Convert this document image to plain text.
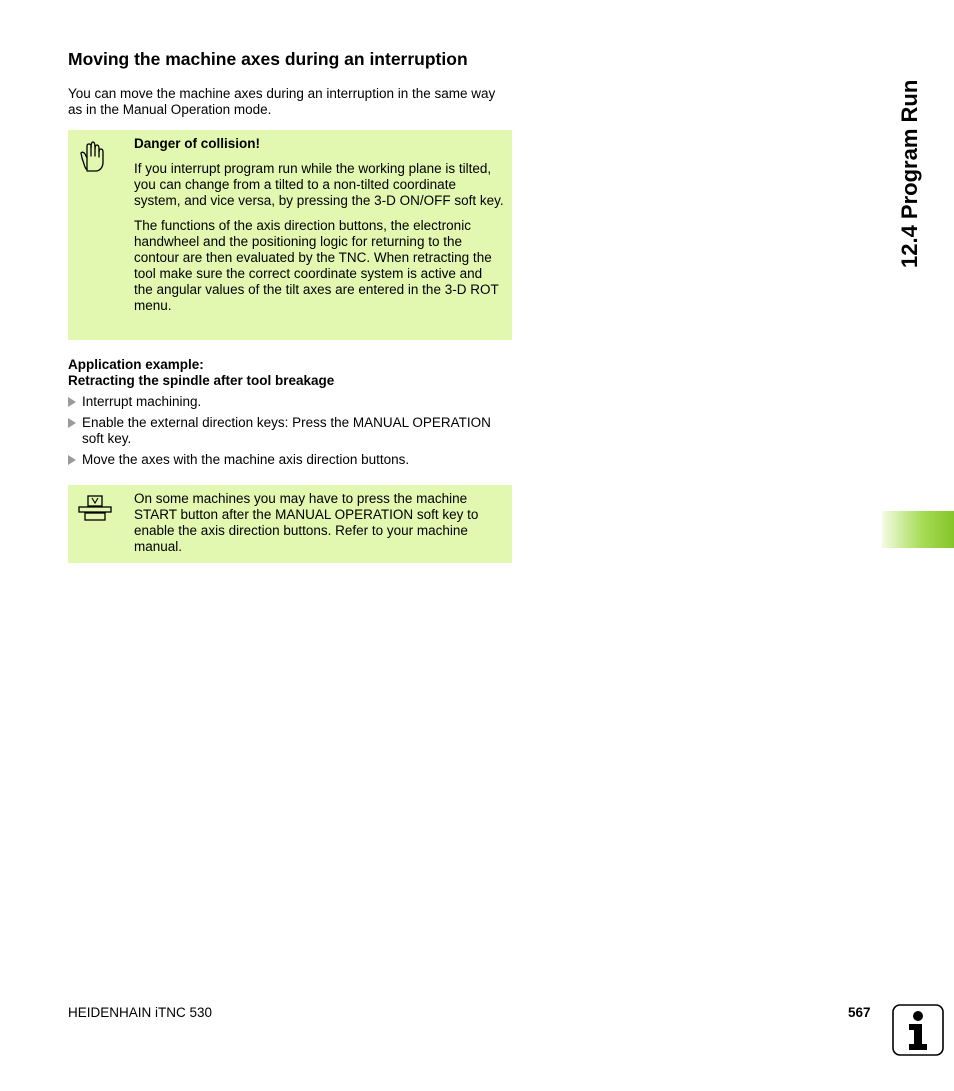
Moving the machine axes during an interruption

You can move the machine axes during an interruption in the same way as in the Manual Operation mode.

Danger of collision!

If you interrupt program run while the working plane is tilted, you can change from a tilted to a non-tilted coordinate system, and vice versa, by pressing the 3-D ON/OFF soft key.

The functions of the axis direction buttons, the electronic handwheel and the positioning logic for returning to the contour are then evaluated by the TNC. When retracting the tool make sure the correct coordinate system is active and the angular values of the tilt axes are entered in the 3-D ROT menu.

Application example:
Retracting the spindle after tool breakage
Interrupt machining.
Enable the external direction keys: Press the MANUAL OPERATION soft key.
Move the axes with the machine axis direction buttons.

On some machines you may have to press the machine START button after the MANUAL OPERATION soft key to enable the axis direction buttons. Refer to your machine manual.

12.4 Program Run
HEIDENHAIN iTNC 530	567
